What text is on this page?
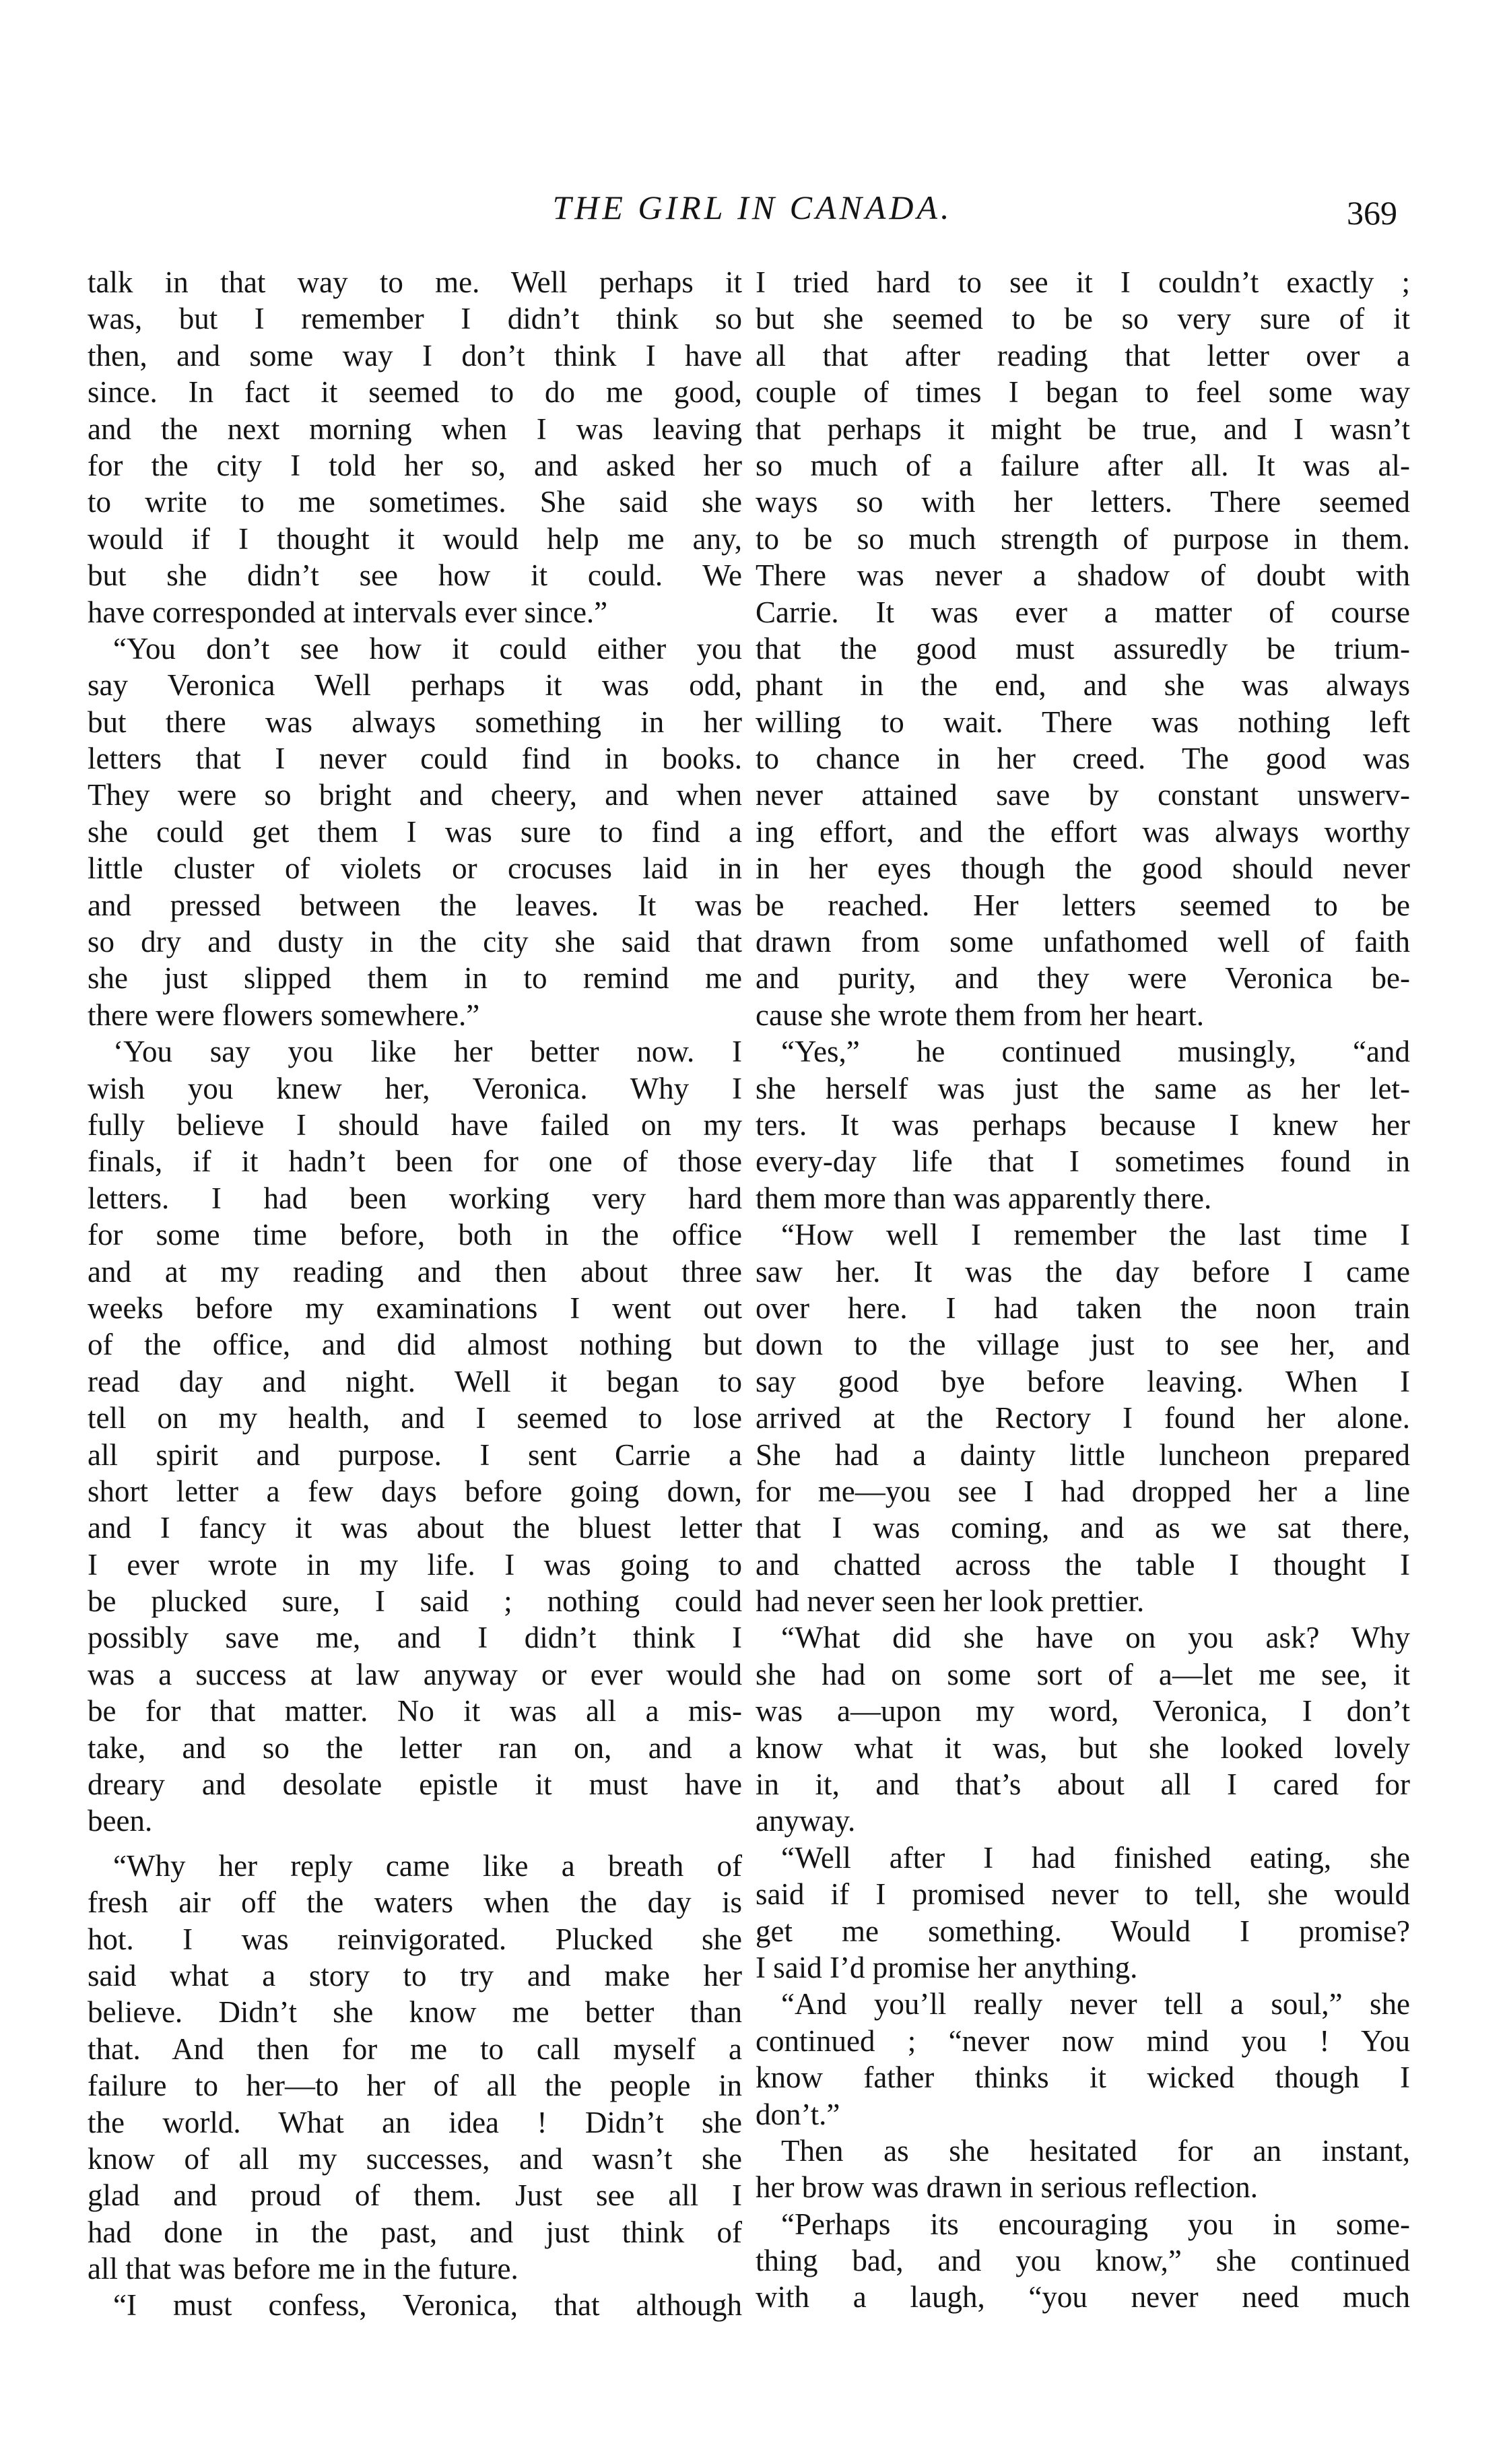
THE GIRL IN CANADA.	369
talk in that way to me. Well perhaps it
was, but I remember I didn’t think so
then, and some way I don’t think I have
since. In fact it seemed to do me good,
and the next morning when I was leaving
for the city I told her so, and asked her
to write to me sometimes. She said she
would if I thought it would help me any,
but she didn’t see how it could. We
have corresponded at intervals ever since.”
“You don’t see how it could either you
say Veronica Well perhaps it was odd,
but there was always something in her
letters that I never could find in books.
They were so bright and cheery, and when
she could get them I was sure to find a
little cluster of violets or crocuses laid in
and pressed between the leaves. It was
so dry and dusty in the city she said that
she just slipped them in to remind me
there were flowers somewhere.”
‘You say you like her better now. I
wish you knew her, Veronica. Why I
fully believe I should have failed on my
finals, if it hadn’t been for one of those
letters. I had been working very hard
for some time before, both in the office
and at my reading and then about three
weeks before my examinations I went out
of the office, and did almost nothing but
read day and night. Well it began to
tell on my health, and I seemed to lose
all spirit and purpose. I sent Carrie a
short letter a few days before going down,
and I fancy it was about the bluest letter
I ever wrote in my life. I was going to
be plucked sure, I said ; nothing could
possibly save me, and I didn’t think I
was a success at law anyway or ever would
be for that matter. No it was all a mis-
take, and so the letter ran on, and a
dreary and desolate epistle it must have
been.
“Why her reply came like a breath of
fresh air off the waters when the day is
hot. I was reinvigorated. Plucked she
said what a story to try and make her
believe. Didn’t she know me better than
that. And then for me to call myself a
failure to her—to her of all the people in
the world. What an idea ! Didn’t she
know of all my successes, and wasn’t she
glad and proud of them. Just see all I
had done in the past, and just think of
all that was before me in the future.
“I must confess, Veronica, that although
I tried hard to see it I couldn’t exactly ;
but she seemed to be so very sure of it
all that after reading that letter over a
couple of times I began to feel some way
that perhaps it might be true, and I wasn’t
so much of a failure after all. It was al-
ways so with her letters. There seemed
to be so much strength of purpose in them.
There was never a shadow of doubt with
Carrie. It was ever a matter of course
that the good must assuredly be trium-
phant in the end, and she was always
willing to wait. There was nothing left
to chance in her creed. The good was
never attained save by constant unswerv-
ing effort, and the effort was always worthy
in her eyes though the good should never
be reached. Her letters seemed to be
drawn from some unfathomed well of faith
and purity, and they were Veronica be-
cause she wrote them from her heart.
“Yes,” he continued musingly, “and
she herself was just the same as her let-
ters. It was perhaps because I knew her
every-day life that I sometimes found in
them more than was apparently there.
“How well I remember the last time I
saw her. It was the day before I came
over here. I had taken the noon train
down to the village just to see her, and
say good bye before leaving. When I
arrived at the Rectory I found her alone.
She had a dainty little luncheon prepared
for me—you see I had dropped her a line
that I was coming, and as we sat there,
and chatted across the table I thought I
had never seen her look prettier.
“What did she have on you ask? Why
she had on some sort of a—let me see, it
was a—upon my word, Veronica, I don’t
know what it was, but she looked lovely
in it, and that’s about all I cared for
anyway.
“Well after I had finished eating, she
said if I promised never to tell, she would
get me something. Would I promise?
I said I’d promise her anything.
“And you’ll really never tell a soul,” she
continued ; “never now mind you ! You
know father thinks it wicked though I
don’t.”
Then as she hesitated for an instant,
her brow was drawn in serious reflection.
“Perhaps its encouraging you in some-
thing bad, and you know,” she continued
with a laugh, “you never need much
